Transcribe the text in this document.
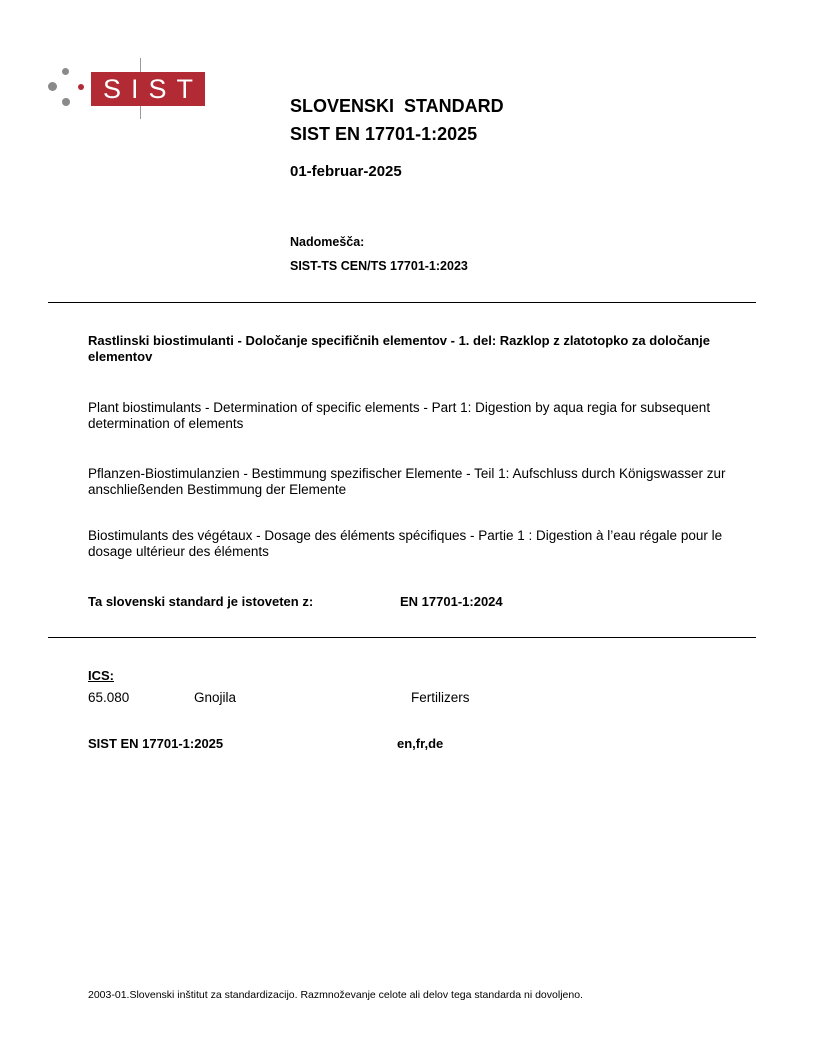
SIST
SLOVENSKI  STANDARD
SIST EN 17701-1:2025
01-februar-2025
Nadomešča:
SIST-TS CEN/TS 17701-1:2023
Rastlinski biostimulanti - Določanje specifičnih elementov - 1. del: Razklop z zlatotopko za določanje elementov
Plant biostimulants - Determination of specific elements - Part 1: Digestion by aqua regia for subsequent determination of elements
Pflanzen-Biostimulanzien - Bestimmung spezifischer Elemente - Teil 1: Aufschluss durch Königswasser zur anschließenden Bestimmung der Elemente
Biostimulants des végétaux - Dosage des éléments spécifiques - Partie 1 : Digestion à l’eau régale pour le dosage ultérieur des éléments
Ta slovenski standard je istoveten z:	EN 17701-1:2024
ICS:
65.080	Gnojila	Fertilizers
SIST EN 17701-1:2025	en,fr,de
2003-01.Slovenski inštitut za standardizacijo. Razmnoževanje celote ali delov tega standarda ni dovoljeno.
